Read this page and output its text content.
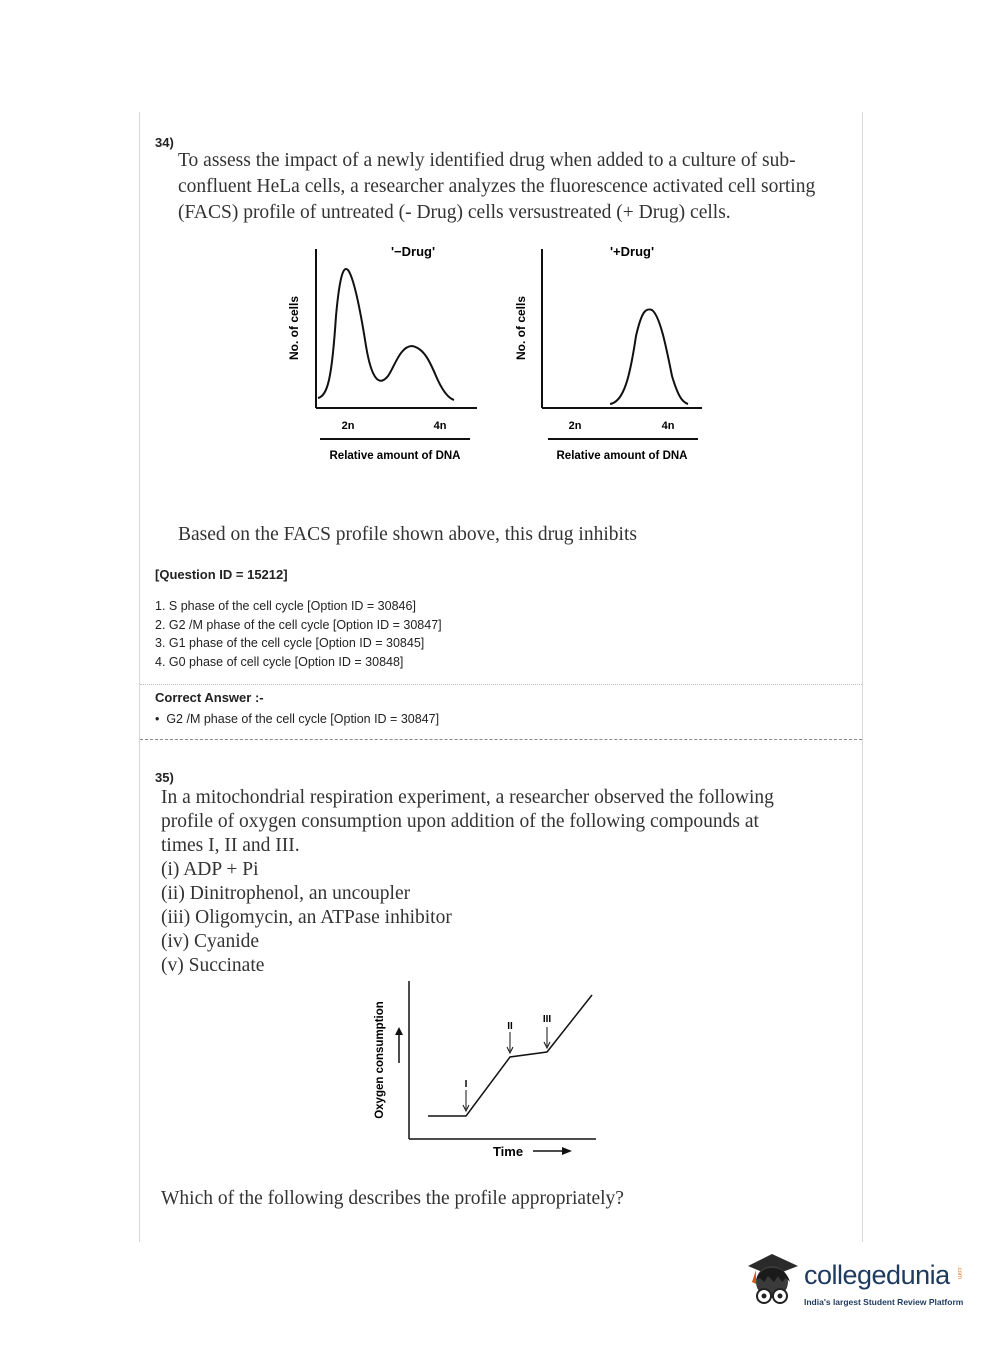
34)
To assess the impact of a newly identified drug when added to a culture of sub-
confluent HeLa cells, a researcher analyzes the fluorescence activated cell sorting
(FACS) profile of untreated (- Drug) cells versustreated (+ Drug) cells.
'−Drug'
No. of cells
2n	4n
Relative amount of DNA
'+Drug'
No. of cells
2n	4n
Relative amount of DNA
Based on the FACS profile shown above, this drug inhibits
[Question ID = 15212]
1. S phase of the cell cycle [Option ID = 30846]
2. G2 /M phase of the cell cycle [Option ID = 30847]
3. G1 phase of the cell cycle [Option ID = 30845]
4. G0 phase of cell cycle [Option ID = 30848]
Correct Answer :-
•  G2 /M phase of the cell cycle [Option ID = 30847]
35)
In a mitochondrial respiration experiment, a researcher observed the following
profile of oxygen consumption upon addition of the following compounds at
times I, II and III.
(i) ADP + Pi
(ii) Dinitrophenol, an uncoupler
(iii) Oligomycin, an ATPase inhibitor
(iv) Cyanide
(v) Succinate
Oxygen consumption	I
II
III
Time
Which of the following describes the profile appropriately?
collegedunia .com
India's largest Student Review Platform
